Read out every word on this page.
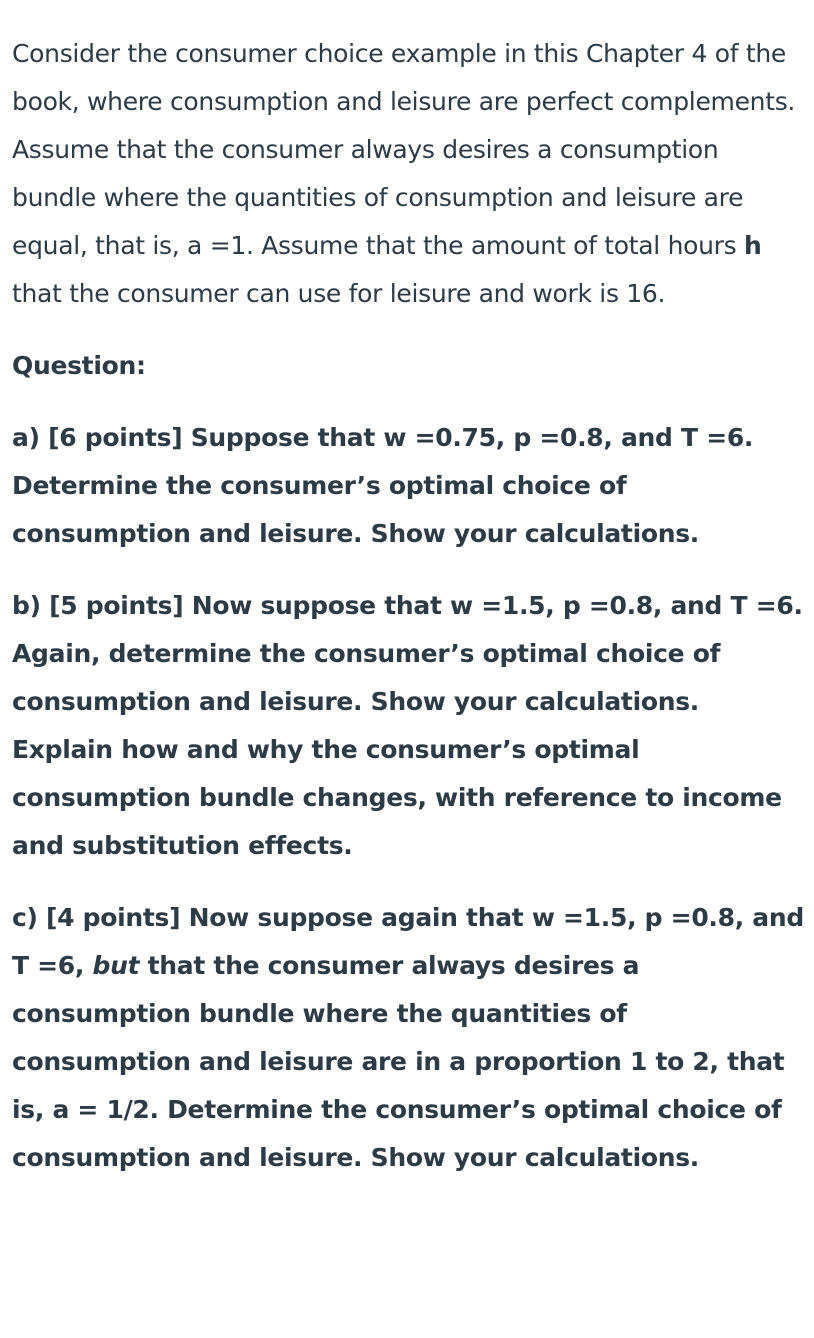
Consider the consumer choice example in this Chapter 4 of the book, where consumption and leisure are perfect complements. Assume that the consumer always desires a consumption bundle where the quantities of consumption and leisure are equal, that is, a =1. Assume that the amount of total hours h that the consumer can use for leisure and work is 16.

Question:

a) [6 points] Suppose that w =0.75, p =0.8, and T =6. Determine the consumer’s optimal choice of consumption and leisure. Show your calculations.

b) [5 points] Now suppose that w =1.5, p =0.8, and T =6. Again, determine the consumer’s optimal choice of consumption and leisure. Show your calculations. Explain how and why the consumer’s optimal consumption bundle changes, with reference to income and substitution effects.

c) [4 points] Now suppose again that w =1.5, p =0.8, and T =6, but that the consumer always desires a consumption bundle where the quantities of consumption and leisure are in a proportion 1 to 2, that is, a = 1/2. Determine the consumer’s optimal choice of consumption and leisure. Show your calculations.
